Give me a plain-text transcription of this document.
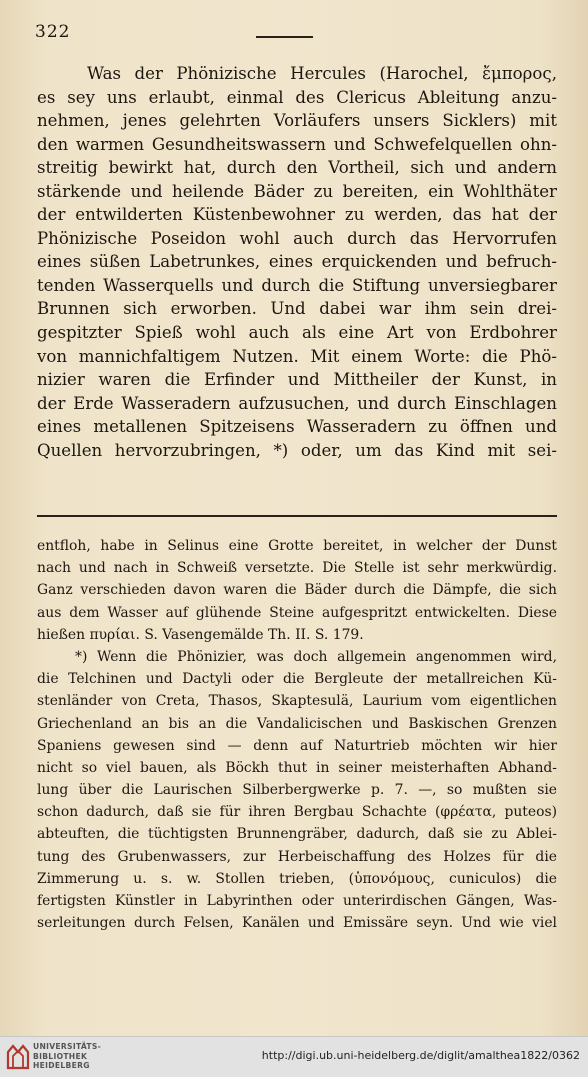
322
Was der Phönizische Hercules (Harochel, ἔμπορος,
es sey uns erlaubt, einmal des Clericus Ableitung anzu-
nehmen, jenes gelehrten Vorläufers unsers Sicklers) mit
den warmen Gesundheitswassern und Schwefelquellen ohn-
streitig bewirkt hat, durch den Vortheil, sich und andern
stärkende und heilende Bäder zu bereiten, ein Wohlthäter
der entwilderten Küstenbewohner zu werden, das hat der
Phönizische Poseidon wohl auch durch das Hervorrufen
eines süßen Labetrunkes, eines erquickenden und befruch-
tenden Wasserquells und durch die Stiftung unversiegbarer
Brunnen sich erworben. Und dabei war ihm sein drei-
gespitzter Spieß wohl auch als eine Art von Erdbohrer
von mannichfaltigem Nutzen. Mit einem Worte: die Phö-
nizier waren die Erfinder und Mittheiler der Kunst, in
der Erde Wasseradern aufzusuchen, und durch Einschlagen
eines metallenen Spitzeisens Wasseradern zu öffnen und
Quellen hervorzubringen, *) oder, um das Kind mit sei-
entfloh, habe in Selinus eine Grotte bereitet, in welcher der Dunst
nach und nach in Schweiß versetzte. Die Stelle ist sehr merkwürdig.
Ganz verschieden davon waren die Bäder durch die Dämpfe, die sich
aus dem Wasser auf glühende Steine aufgespritzt entwickelten. Diese
hießen πυρίαι. S. Vasengemälde Th. II. S. 179.
*) Wenn die Phönizier, was doch allgemein angenommen wird,
die Telchinen und Dactyli oder die Bergleute der metallreichen Kü-
stenländer von Creta, Thasos, Skaptesulä, Laurium vom eigentlichen
Griechenland an bis an die Vandalicischen und Baskischen Grenzen
Spaniens gewesen sind — denn auf Naturtrieb möchten wir hier
nicht so viel bauen, als Böckh thut in seiner meisterhaften Abhand-
lung über die Laurischen Silberbergwerke p. 7. —, so mußten sie
schon dadurch, daß sie für ihren Bergbau Schachte (φρέατα, puteos)
abteuften, die tüchtigsten Brunnengräber, dadurch, daß sie zu Ablei-
tung des Grubenwassers, zur Herbeischaffung des Holzes für die
Zimmerung u. s. w. Stollen trieben, (ὑπονόμους, cuniculos) die
fertigsten Künstler in Labyrinthen oder unterirdischen Gängen, Was-
serleitungen durch Felsen, Kanälen und Emissäre seyn. Und wie viel
UNIVERSITÄTS-
BIBLIOTHEK
HEIDELBERG
http://digi.ub.uni-heidelberg.de/diglit/amalthea1822/0362
